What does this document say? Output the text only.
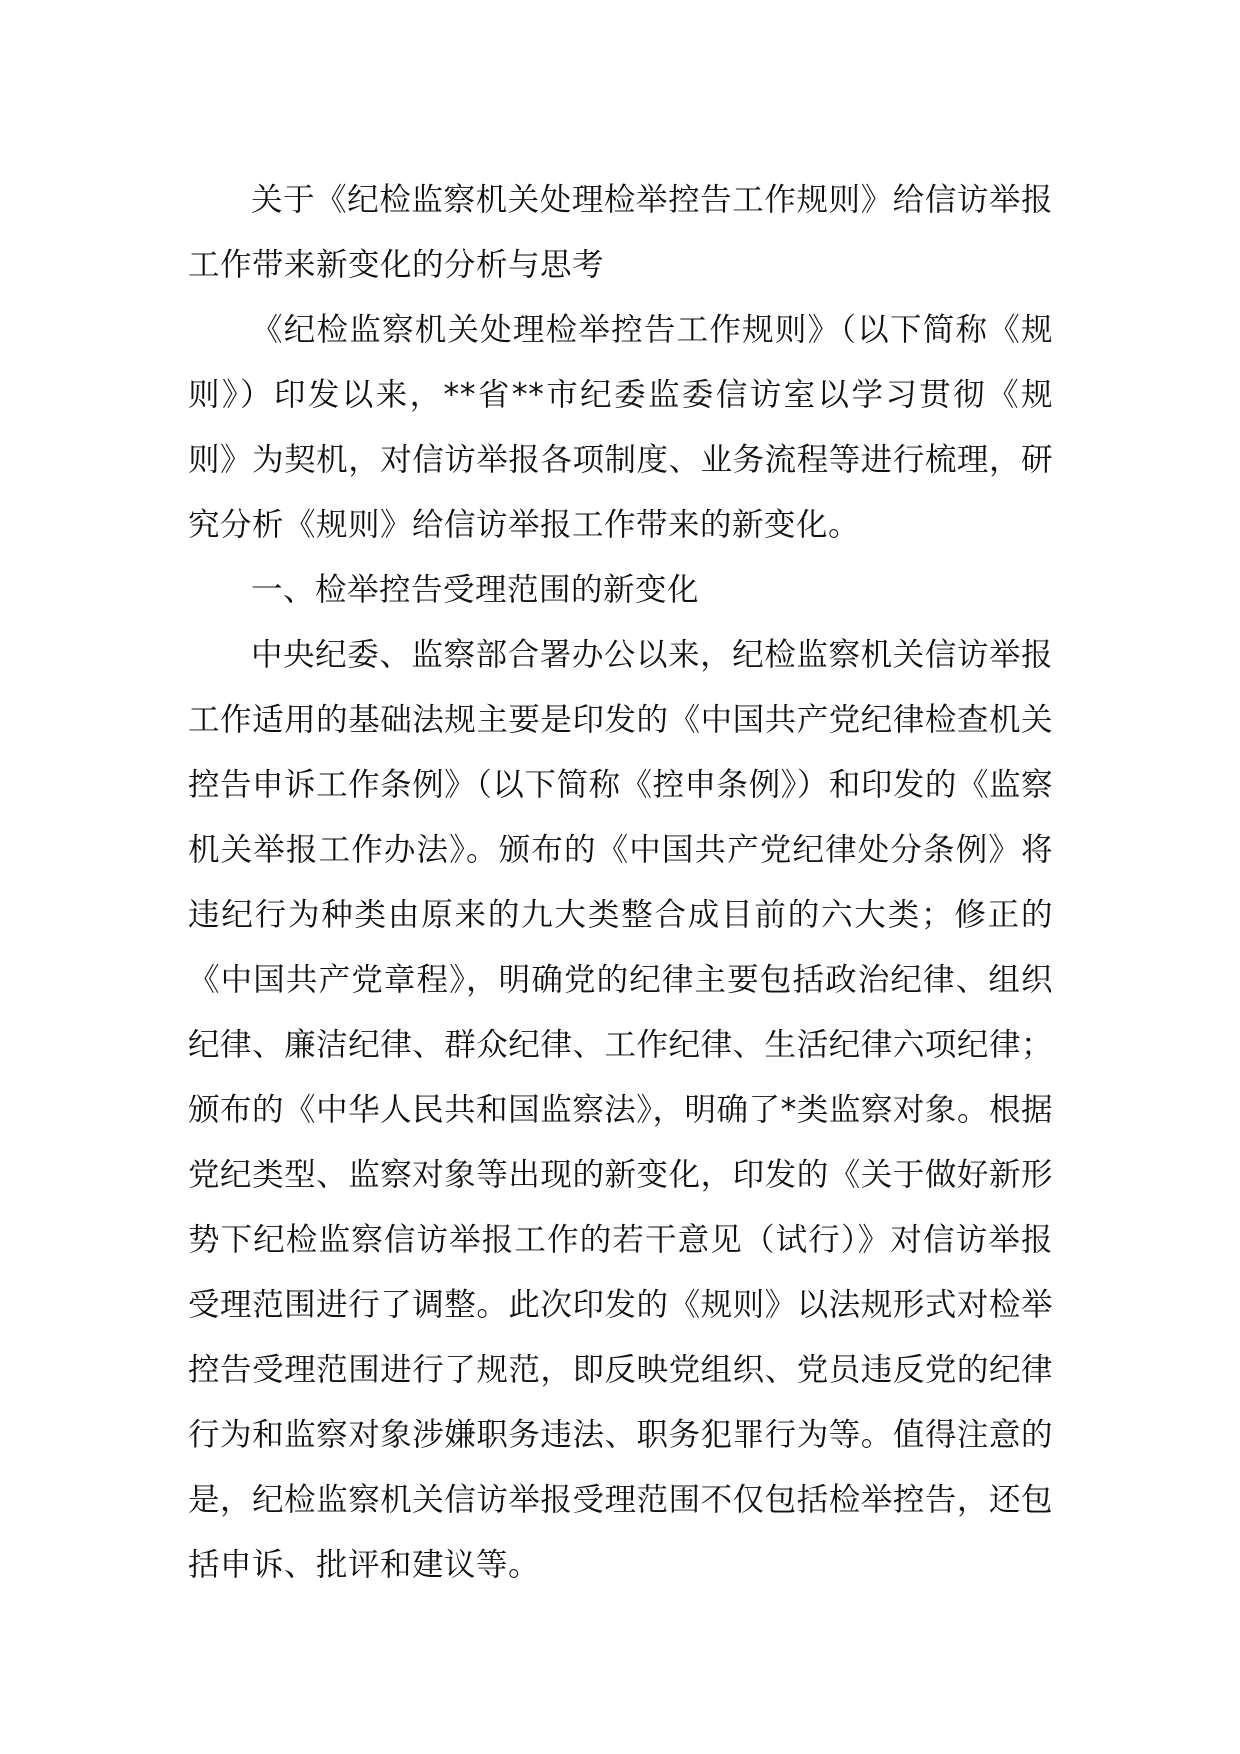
关于《纪检监察机关处理检举控告工作规则》给信访举报工作带来新变化的分析与思考

《纪检监察机关处理检举控告工作规则》（以下简称《规则》）印发以来，**省**市纪委监委信访室以学习贯彻《规则》为契机，对信访举报各项制度、业务流程等进行梳理，研究分析《规则》给信访举报工作带来的新变化。

一、检举控告受理范围的新变化

中央纪委、监察部合署办公以来，纪检监察机关信访举报工作适用的基础法规主要是印发的《中国共产党纪律检查机关控告申诉工作条例》（以下简称《控申条例》）和印发的《监察机关举报工作办法》。颁布的《中国共产党纪律处分条例》将违纪行为种类由原来的九大类整合成目前的六大类；修正的《中国共产党章程》，明确党的纪律主要包括政治纪律、组织纪律、廉洁纪律、群众纪律、工作纪律、生活纪律六项纪律；颁布的《中华人民共和国监察法》，明确了*类监察对象。根据党纪类型、监察对象等出现的新变化，印发的《关于做好新形势下纪检监察信访举报工作的若干意见（试行）》对信访举报受理范围进行了调整。此次印发的《规则》以法规形式对检举控告受理范围进行了规范，即反映党组织、党员违反党的纪律行为和监察对象涉嫌职务违法、职务犯罪行为等。值得注意的是，纪检监察机关信访举报受理范围不仅包括检举控告，还包括申诉、批评和建议等。
